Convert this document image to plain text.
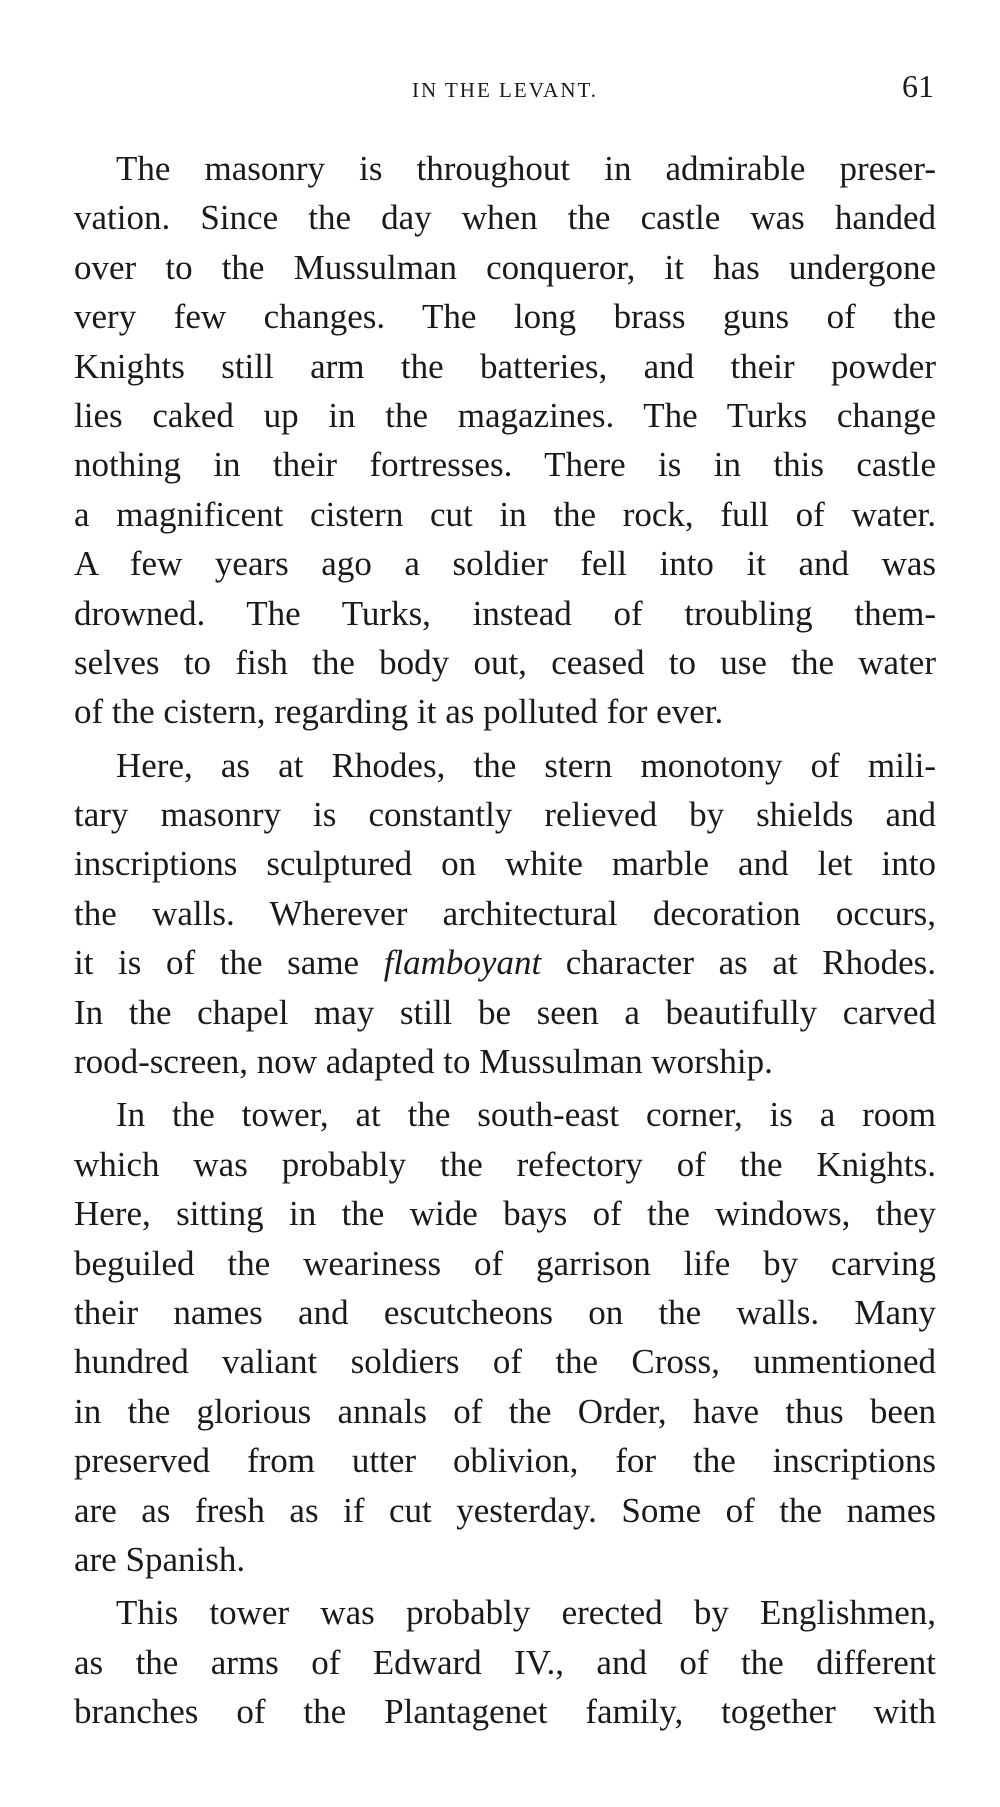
IN THE LEVANT.	61
The masonry is throughout in admirable preser-
vation. Since the day when the castle was handed
over to the Mussulman conqueror, it has undergone
very few changes. The long brass guns of the
Knights still arm the batteries, and their powder
lies caked up in the magazines. The Turks change
nothing in their fortresses. There is in this castle
a magnificent cistern cut in the rock, full of water.
A few years ago a soldier fell into it and was
drowned. The Turks, instead of troubling them-
selves to fish the body out, ceased to use the water
of the cistern, regarding it as polluted for ever.
Here, as at Rhodes, the stern monotony of mili-
tary masonry is constantly relieved by shields and
inscriptions sculptured on white marble and let into
the walls. Wherever architectural decoration occurs,
it is of the same flamboyant character as at Rhodes.
In the chapel may still be seen a beautifully carved
rood-screen, now adapted to Mussulman worship.
In the tower, at the south-east corner, is a room
which was probably the refectory of the Knights.
Here, sitting in the wide bays of the windows, they
beguiled the weariness of garrison life by carving
their names and escutcheons on the walls. Many
hundred valiant soldiers of the Cross, unmentioned
in the glorious annals of the Order, have thus been
preserved from utter oblivion, for the inscriptions
are as fresh as if cut yesterday. Some of the names
are Spanish.
This tower was probably erected by Englishmen,
as the arms of Edward IV., and of the different
branches of the Plantagenet family, together with
